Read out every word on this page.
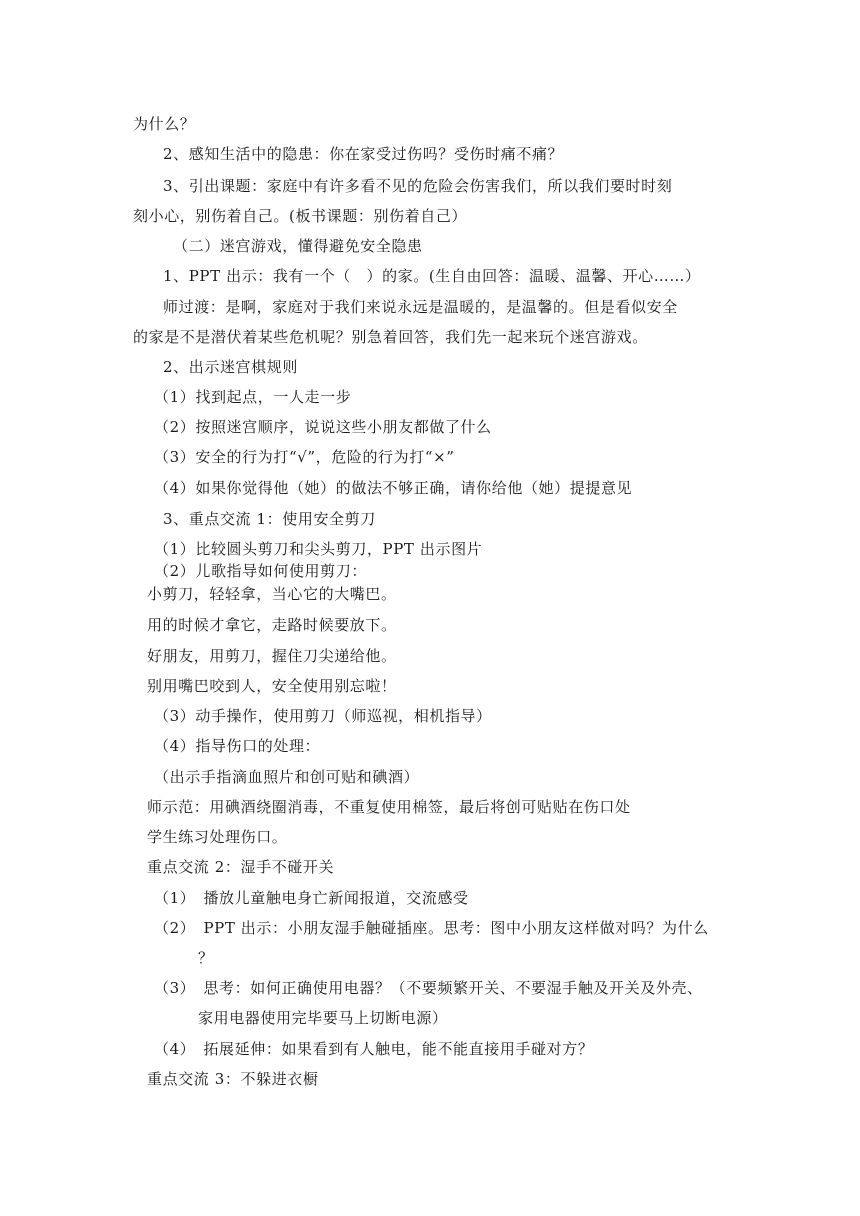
为什么？
2、感知生活中的隐患：你在家受过伤吗？受伤时痛不痛？
3、引出课题：家庭中有许多看不见的危险会伤害我们，所以我们要时时刻
刻小心，别伤着自己。(板书课题：别伤着自己）
（二）迷宫游戏，懂得避免安全隐患
1、PPT 出示：我有一个（　）的家。(生自由回答：温暖、温馨、开心……）
师过渡：是啊，家庭对于我们来说永远是温暖的，是温馨的。但是看似安全
的家是不是潜伏着某些危机呢？别急着回答，我们先一起来玩个迷宫游戏。
2、出示迷宫棋规则
（1）找到起点，一人走一步
（2）按照迷宫顺序，说说这些小朋友都做了什么
（3）安全的行为打“√”，危险的行为打“×”
（4）如果你觉得他（她）的做法不够正确，请你给他（她）提提意见
3、重点交流 1：使用安全剪刀
（1）比较圆头剪刀和尖头剪刀，PPT 出示图片
（2）儿歌指导如何使用剪刀：
小剪刀，轻轻拿，当心它的大嘴巴。
用的时候才拿它，走路时候要放下。
好朋友，用剪刀，握住刀尖递给他。
别用嘴巴咬到人，安全使用别忘啦！
（3）动手操作，使用剪刀（师巡视，相机指导）
（4）指导伤口的处理：
（出示手指滴血照片和创可贴和碘酒）
师示范：用碘酒绕圈消毒，不重复使用棉签，最后将创可贴贴在伤口处
学生练习处理伤口。
重点交流 2：湿手不碰开关
（1）　播放儿童触电身亡新闻报道，交流感受
（2）　PPT 出示：小朋友湿手触碰插座。思考：图中小朋友这样做对吗？为什么
？
（3）　思考：如何正确使用电器？（不要频繁开关、不要湿手触及开关及外壳、
家用电器使用完毕要马上切断电源）
（4）　拓展延伸：如果看到有人触电，能不能直接用手碰对方？
重点交流 3：不躲进衣橱
